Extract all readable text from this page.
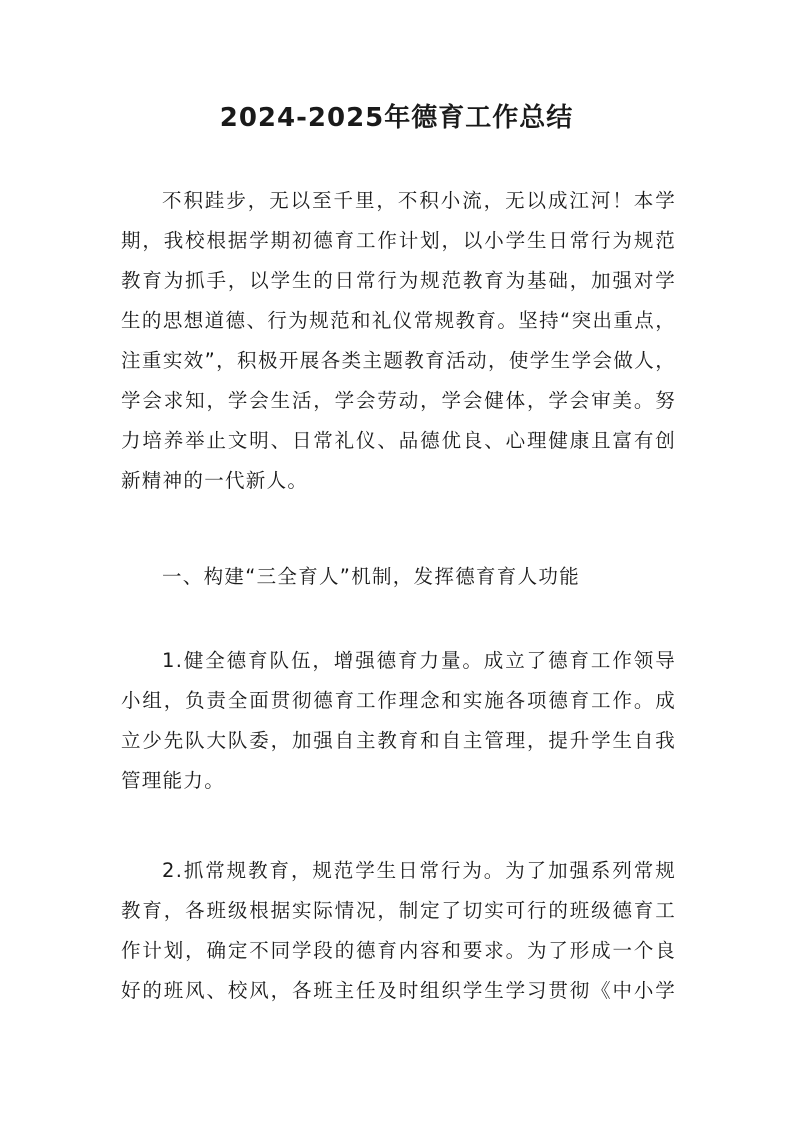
2024-2025年德育工作总结
不积跬步，无以至千里，不积小流，无以成江河！本学
期，我校根据学期初德育工作计划，以小学生日常行为规范
教育为抓手，以学生的日常行为规范教育为基础，加强对学
生的思想道德、行为规范和礼仪常规教育。坚持“突出重点，
注重实效”，积极开展各类主题教育活动，使学生学会做人，
学会求知，学会生活，学会劳动，学会健体，学会审美。努
力培养举止文明、日常礼仪、品德优良、心理健康且富有创
新精神的一代新人。
一、构建“三全育人”机制，发挥德育育人功能
1.健全德育队伍，增强德育力量。成立了德育工作领导
小组，负责全面贯彻德育工作理念和实施各项德育工作。成
立少先队大队委，加强自主教育和自主管理，提升学生自我
管理能力。
2.抓常规教育，规范学生日常行为。为了加强系列常规
教育，各班级根据实际情况，制定了切实可行的班级德育工
作计划，确定不同学段的德育内容和要求。为了形成一个良
好的班风、校风，各班主任及时组织学生学习贯彻《中小学
